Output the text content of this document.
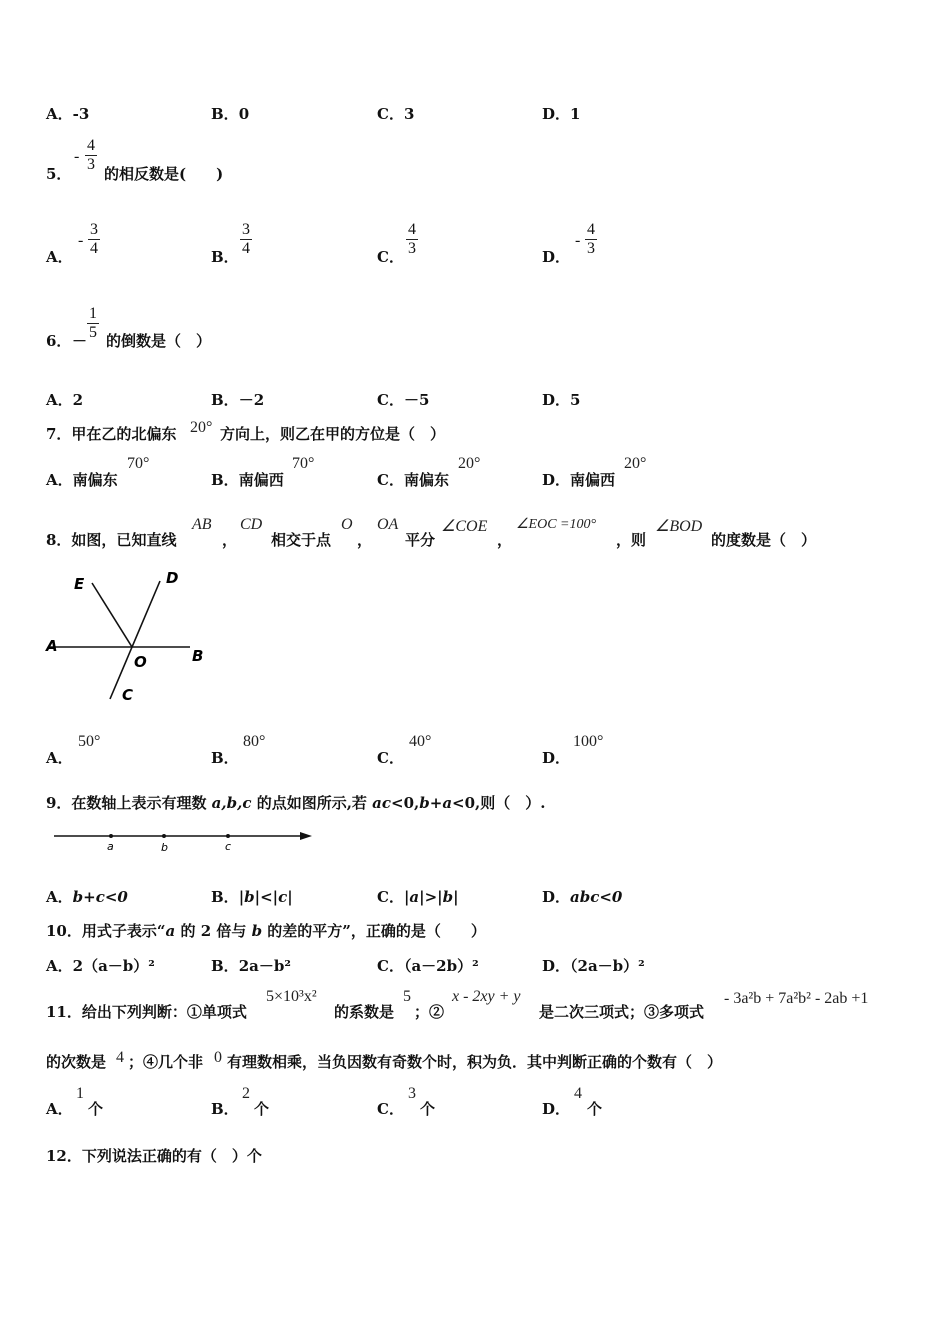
A．-3	B．0	C．3	D．1
5．
- $\frac{4}{3}$ 的相反数是(　　)
A．
- $\frac{3}{4}$	B． $\frac{3}{4}$	C． $\frac{4}{3}$	D．
- $\frac{4}{3}$
6． － $\frac{1}{5}$ 的倒数是（　）
A．2	B．－2	C．－5	D．5
7．甲在乙的北偏东 20° 方向上，则乙在甲的方位是（　）
A．南偏东
70°
B．南偏西
70°
C．南偏东
20°
D．南偏西
20°
8．如图，已知直线
AB
，
CD
相交于点
O
，
OA
平分
∠COE
，
∠EOC =100°
，则
∠BOD
的度数是（　）
E	D
A
O	B
C
A．
50°
B．
80°
C．
40°
D．
100°
9．在数轴上表示有理数 a,b,c 的点如图所示,若 ac<0,b+a<0,则（　）.
a	b	c
A．b+c<0	B．|b|<|c|	C．|a|>|b|	D．abc<0
10．用式子表示“a 的 2 倍与 b 的差的平方”，正确的是（　　）
A．2（a－b）²	B．2a－b²	C．（a－2b）²	D．（2a－b）²
11．给出下列判断：①单项式
5×10³x²
的系数是
5
；②
x - 2xy + y
是二次三项式；③多项式
- 3a²b + 7a²b² - 2ab +1
的次数是 4 ；④几个非 0 有理数相乘，当负因数有奇数个时，积为负．其中判断正确的个数有（　）
A．
1
个	B．
2
个	C．
3
个	D．
4
个
12．下列说法正确的有（　）个
